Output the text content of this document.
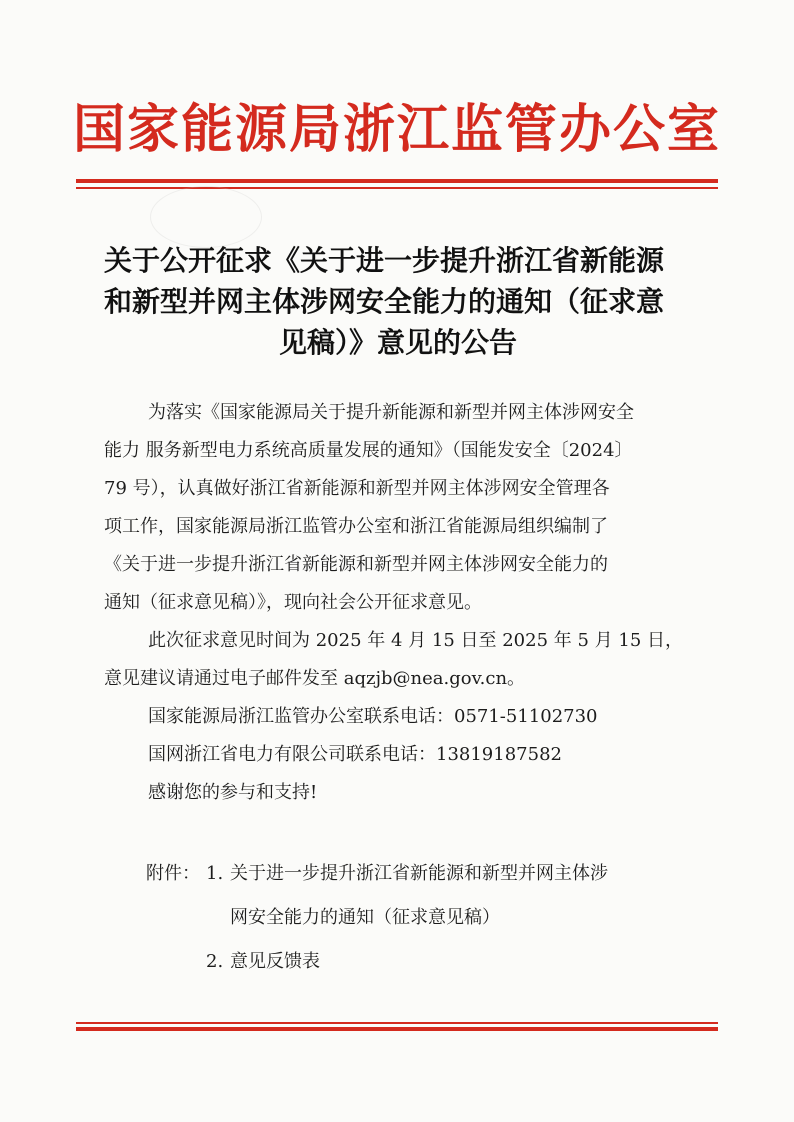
国家能源局浙江监管办公室
关于公开征求《关于进一步提升浙江省新能源
和新型并网主体涉网安全能力的通知（征求意
见稿）》意见的公告
为落实《国家能源局关于提升新能源和新型并网主体涉网安全
能力 服务新型电力系统高质量发展的通知》（国能发安全〔2024〕
79 号），认真做好浙江省新能源和新型并网主体涉网安全管理各
项工作，国家能源局浙江监管办公室和浙江省能源局组织编制了
《关于进一步提升浙江省新能源和新型并网主体涉网安全能力的
通知（征求意见稿）》，现向社会公开征求意见。
此次征求意见时间为 2025 年 4 月 15 日至 2025 年 5 月 15 日，
意见建议请通过电子邮件发至 aqzjb@nea.gov.cn。
国家能源局浙江监管办公室联系电话：0571-51102730
国网浙江省电力有限公司联系电话：13819187582
感谢您的参与和支持!
附件： 1. 关于进一步提升浙江省新能源和新型并网主体涉
网安全能力的通知（征求意见稿）
2. 意见反馈表
